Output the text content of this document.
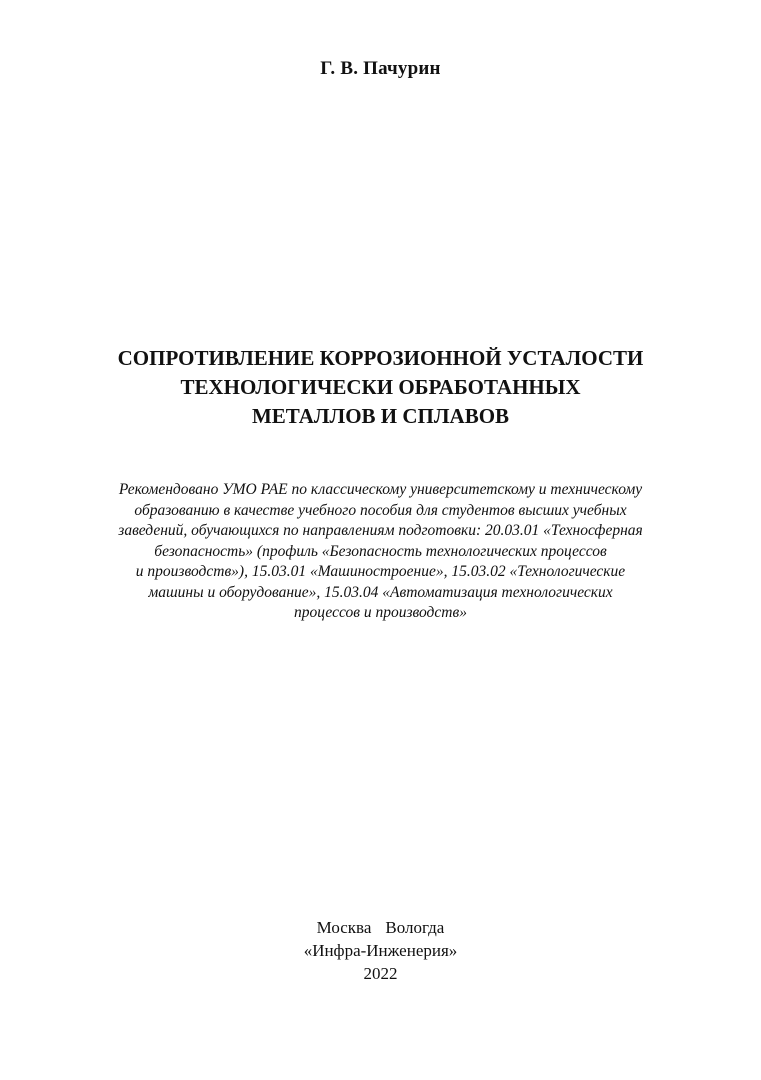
Г. В. Пачурин
СОПРОТИВЛЕНИЕ КОРРОЗИОННОЙ УСТАЛОСТИ
ТЕХНОЛОГИЧЕСКИ ОБРАБОТАННЫХ
МЕТАЛЛОВ И СПЛАВОВ
Рекомендовано УМО РАЕ по классическому университетскому и техническому
образованию в качестве учебного пособия для студентов высших учебных
заведений, обучающихся по направлениям подготовки: 20.03.01 «Техносферная
безопасность» (профиль «Безопасность технологических процессов
и производств»), 15.03.01 «Машиностроение», 15.03.02 «Технологические
машины и оборудование», 15.03.04 «Автоматизация технологических
процессов и производств»
Москва Вологда
«Инфра-Инженерия»
2022
